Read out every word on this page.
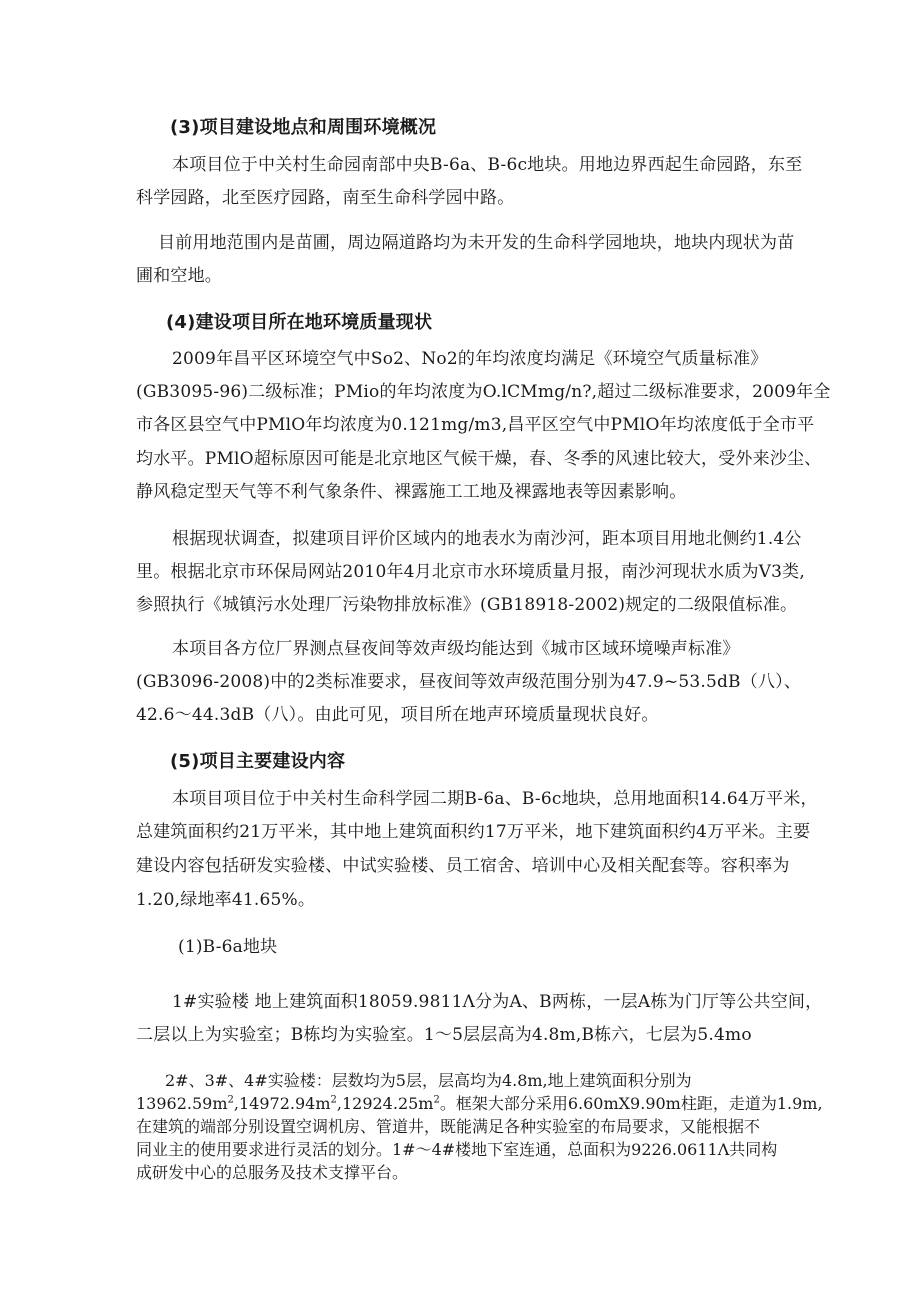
(3)项目建设地点和周围环境概况
本项目位于中关村生命园南部中央B-6a、B-6c地块。用地边界西起生命园路，东至
科学园路，北至医疗园路，南至生命科学园中路。
目前用地范围内是苗圃，周边隔道路均为未开发的生命科学园地块，地块内现状为苗
圃和空地。
(4)建设项目所在地环境质量现状
2009年昌平区环境空气中So2、No2的年均浓度均满足《环境空气质量标准》
(GB3095-96)二级标准；PMio的年均浓度为O.lCMmg/n?,超过二级标准要求，2009年全
市各区县空气中PMlO年均浓度为0.121mg/m3,昌平区空气中PMlO年均浓度低于全市平
均水平。PMlO超标原因可能是北京地区气候干燥，春、冬季的风速比较大，受外来沙尘、
静风稳定型天气等不利气象条件、裸露施工工地及裸露地表等因素影响。
根据现状调查，拟建项目评价区域内的地表水为南沙河，距本项目用地北侧约1.4公
里。根据北京市环保局网站2010年4月北京市水环境质量月报，南沙河现状水质为V3类,
参照执行《城镇污水处理厂污染物排放标准》(GB18918-2002)规定的二级限值标准。
本项目各方位厂界测点昼夜间等效声级均能达到《城市区域环境噪声标准》
(GB3096-2008)中的2类标准要求，昼夜间等效声级范围分别为47.9~53.5dB（八）、
42.6～44.3dB（八）。由此可见，项目所在地声环境质量现状良好。
(5)项目主要建设内容
本项目项目位于中关村生命科学园二期B-6a、B-6c地块，总用地面积14.64万平米，
总建筑面积约21万平米，其中地上建筑面积约17万平米，地下建筑面积约4万平米。主要
建设内容包括研发实验楼、中试实验楼、员工宿舍、培训中心及相关配套等。容积率为
1.20,绿地率41.65%。
(1)B-6a地块
1#实验楼 地上建筑面积18059.9811Λ分为A、B两栋，一层A栋为门厅等公共空间，
二层以上为实验室；B栋均为实验室。1～5层层高为4.8m,B栋六，七层为5.4mo
2#、3#、4#实验楼：层数均为5层，层高均为4.8m,地上建筑面积分别为
$13962.59m^2,14972.94m^2,12924.25m^2$。框架大部分采用6.60mX9.90m柱距，走道为1.9m,
在建筑的端部分别设置空调机房、管道井，既能满足各种实验室的布局要求，又能根据不
同业主的使用要求进行灵活的划分。1#～4#楼地下室连通，总面积为9226.0611Λ共同构
成研发中心的总服务及技术支撑平台。
